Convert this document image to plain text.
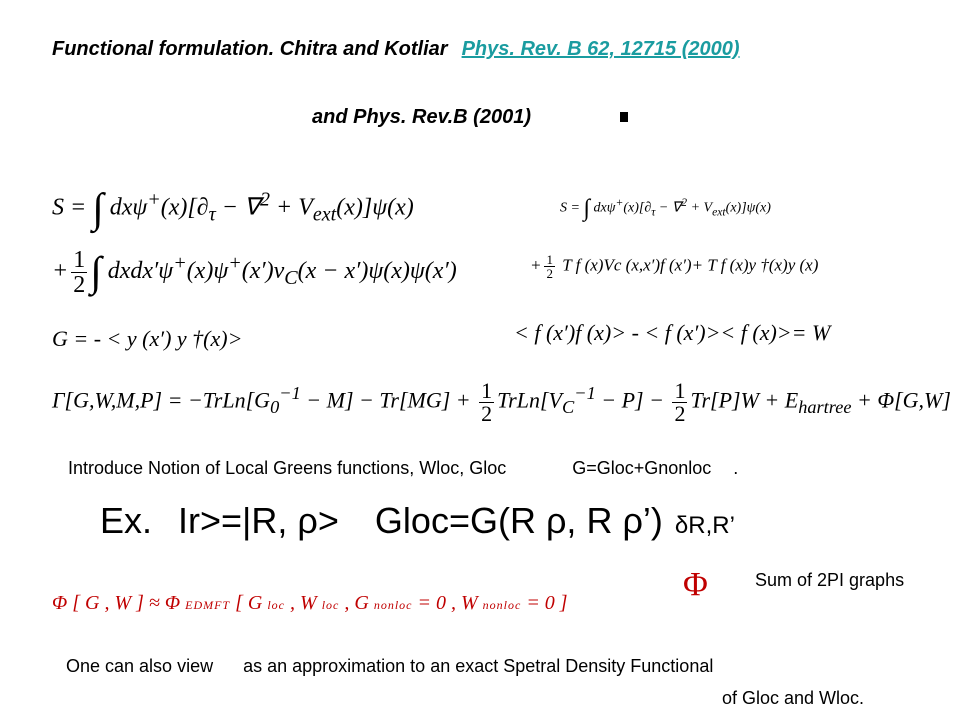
Functional formulation. Chitra and Kotliar Phys. Rev. B 62, 12715 (2000)
and Phys. Rev.B (2001)
S = ∫ $dx\psi^+(x)[\partial_\tau - \nabla^2 + V_{ext}(x)]\psi(x)$
+ $\frac{1}{2}$ ∫ $dxdx'\psi^+(x)\psi^+(x')v_C(x - x')\psi(x)\psi(x')$
S = ∫ $dx\psi^+(x)[\partial_\tau - \nabla^2 + V_{ext}(x)]\psi(x)$
+ $\frac{1}{2}$ T f (x)Vc (x,x′)f (x′)+ T f (x)y †(x)y (x)
G = - < y (x′) y †(x)>	< f (x′)f (x)> - < f (x′)>< f (x)>= W
$\Gamma[G,W,M,P] = -TrLn[G_0^{-1} - M] - Tr[MG] + \frac{1}{2}$ $TrLn[V_C^{-1} - P] - \frac{1}{2} Tr[P]W + E_{hartree} + \Phi[G,W]$
Introduce Notion of Local Greens functions, Wloc, Gloc	G=Gloc+Gnonloc .
Ex. Ir>=|R, ρ> Gloc=G(R ρ, R ρ’) δR,R’
Φ	Sum of 2PI graphs
Φ [ G , W ] ≈ Φ EDMFT [ G loc , W loc , G nonloc = 0 , W nonloc = 0 ]
One can also view as an approximation to an exact Spetral Density Functional
of Gloc and Wloc.
